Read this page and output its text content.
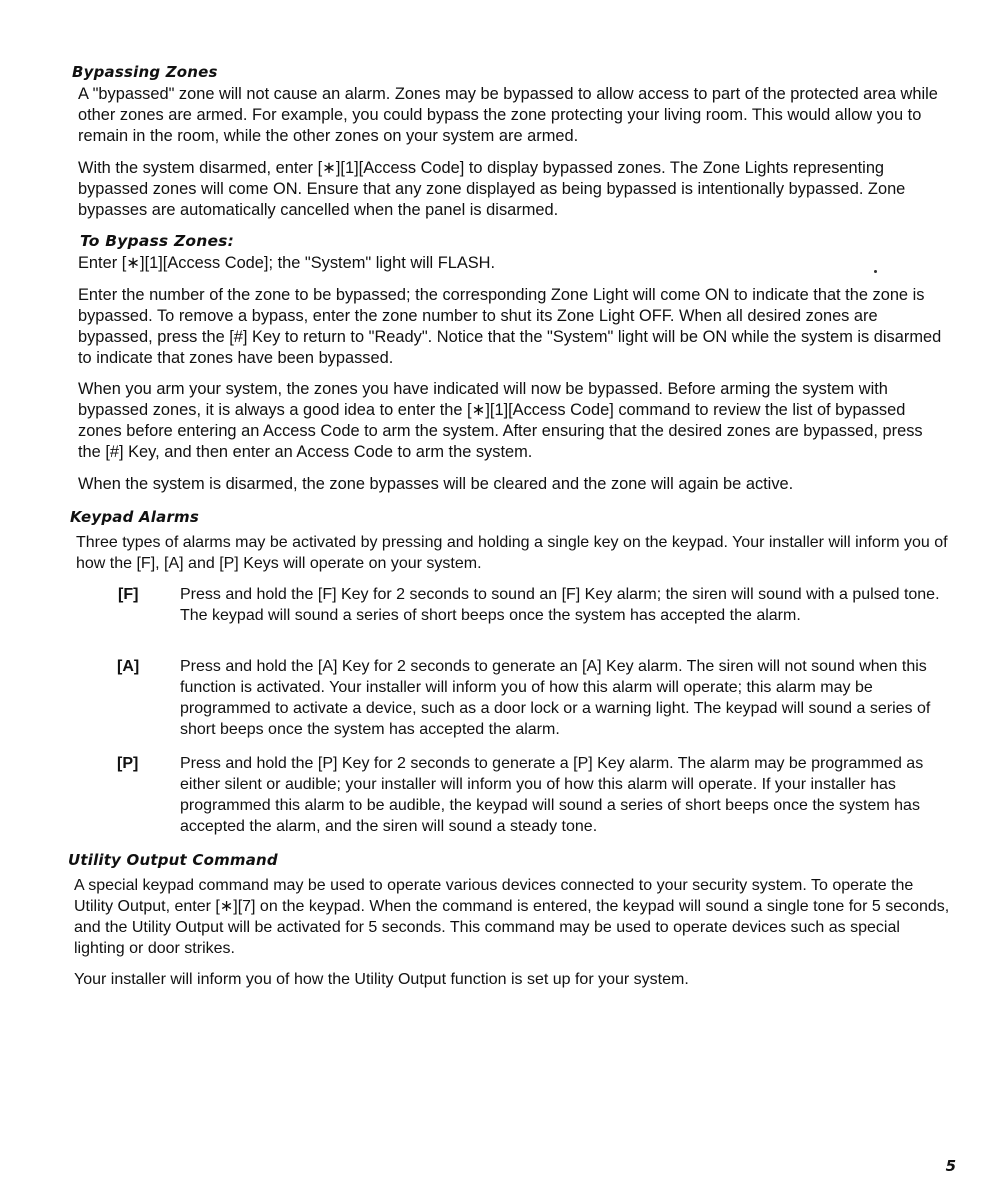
Bypassing Zones

A "bypassed" zone will not cause an alarm. Zones may be bypassed to allow access to part of the protected area while other zones are armed. For example, you could bypass the zone protecting your living room. This would allow you to remain in the room, while the other zones on your system are armed.

With the system disarmed, enter [∗][1][Access Code] to display bypassed zones. The Zone Lights representing bypassed zones will come ON. Ensure that any zone displayed as being bypassed is intentionally bypassed. Zone bypasses are automatically cancelled when the panel is disarmed.

To Bypass Zones:

Enter [∗][1][Access Code]; the "System" light will FLASH.

Enter the number of the zone to be bypassed; the corresponding Zone Light will come ON to indicate that the zone is bypassed. To remove a bypass, enter the zone number to shut its Zone Light OFF. When all desired zones are bypassed, press the [#] Key to return to "Ready". Notice that the "System" light will be ON while the system is disarmed to indicate that zones have been bypassed.

When you arm your system, the zones you have indicated will now be bypassed. Before arming the system with bypassed zones, it is always a good idea to enter the [∗][1][Access Code] command to review the list of bypassed zones before entering an Access Code to arm the system. After ensuring that the desired zones are bypassed, press the [#] Key, and then enter an Access Code to arm the system.

When the system is disarmed, the zone bypasses will be cleared and the zone will again be active.

Keypad Alarms

Three types of alarms may be activated by pressing and holding a single key on the keypad. Your installer will inform you of how the [F], [A] and [P] Keys will operate on your system.

[F]	Press and hold the [F] Key for 2 seconds to sound an [F] Key alarm; the siren will sound with a pulsed tone. The keypad will sound a series of short beeps once the system has accepted the alarm.

[A]	Press and hold the [A] Key for 2 seconds to generate an [A] Key alarm. The siren will not sound when this function is activated. Your installer will inform you of how this alarm will operate; this alarm may be programmed to activate a device, such as a door lock or a warning light. The keypad will sound a series of short beeps once the system has accepted the alarm.

[P]	Press and hold the [P] Key for 2 seconds to generate a [P] Key alarm. The alarm may be programmed as either silent or audible; your installer will inform you of how this alarm will operate. If your installer has programmed this alarm to be audible, the keypad will sound a series of short beeps once the system has accepted the alarm, and the siren will sound a steady tone.

Utility Output Command

A special keypad command may be used to operate various devices connected to your security system. To operate the Utility Output, enter [∗][7] on the keypad. When the command is entered, the keypad will sound a single tone for 5 seconds, and the Utility Output will be activated for 5 seconds. This command may be used to operate devices such as special lighting or door strikes.

Your installer will inform you of how the Utility Output function is set up for your system.

5
